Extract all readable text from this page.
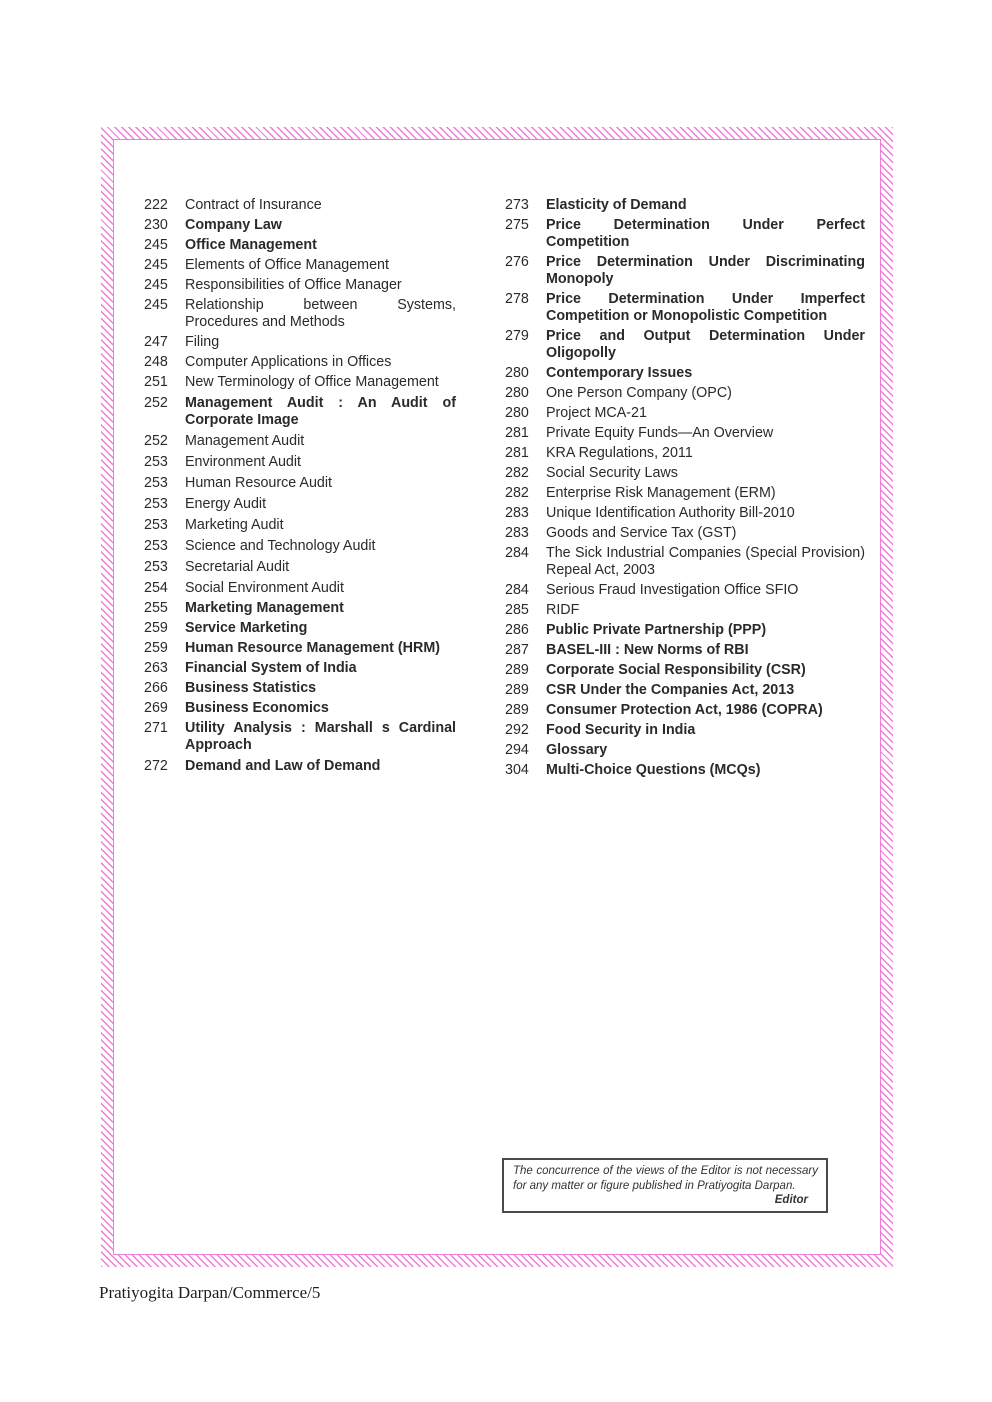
222	Contract of Insurance
230	Company Law
245	Office Management
245	Elements of Office Management
245	Responsibilities of Office Manager
245	Relationship between Systems, Procedures and Methods
247	Filing
248	Computer Applications in Offices
251	New Terminology of Office Management
252	Management Audit : An Audit of Corporate Image
252	Management Audit
253	Environment Audit
253	Human Resource Audit
253	Energy Audit
253	Marketing Audit
253	Science and Technology Audit
253	Secretarial Audit
254	Social Environment Audit
255	Marketing Management
259	Service Marketing
259	Human Resource Management (HRM)
263	Financial System of India
266	Business Statistics
269	Business Economics
271	Utility Analysis : Marshall s Cardinal Approach
272	Demand and Law of Demand
273	Elasticity of Demand
275	Price Determination Under Perfect Competition
276	Price Determination Under Discriminating Monopoly
278	Price Determination Under Imperfect Competition or Monopolistic Competition
279	Price and Output Determination Under Oligopolly
280	Contemporary Issues
280	One Person Company (OPC)
280	Project MCA-21
281	Private Equity Funds—An Overview
281	KRA Regulations, 2011
282	Social Security Laws
282	Enterprise Risk Management (ERM)
283	Unique Identification Authority Bill-2010
283	Goods and Service Tax (GST)
284	The Sick Industrial Companies (Special Provision) Repeal Act, 2003
284	Serious Fraud Investigation Office SFIO
285	RIDF
286	Public Private Partnership (PPP)
287	BASEL-III : New Norms of RBI
289	Corporate Social Responsibility (CSR)
289	CSR Under the Companies Act, 2013
289	Consumer Protection Act, 1986 (COPRA)
292	Food Security in India
294	Glossary
304	Multi-Choice Questions (MCQs)
The concurrence of the views of the Editor is not necessary for any matter or figure published in Pratiyogita Darpan.
Editor
Pratiyogita Darpan/Commerce/5
